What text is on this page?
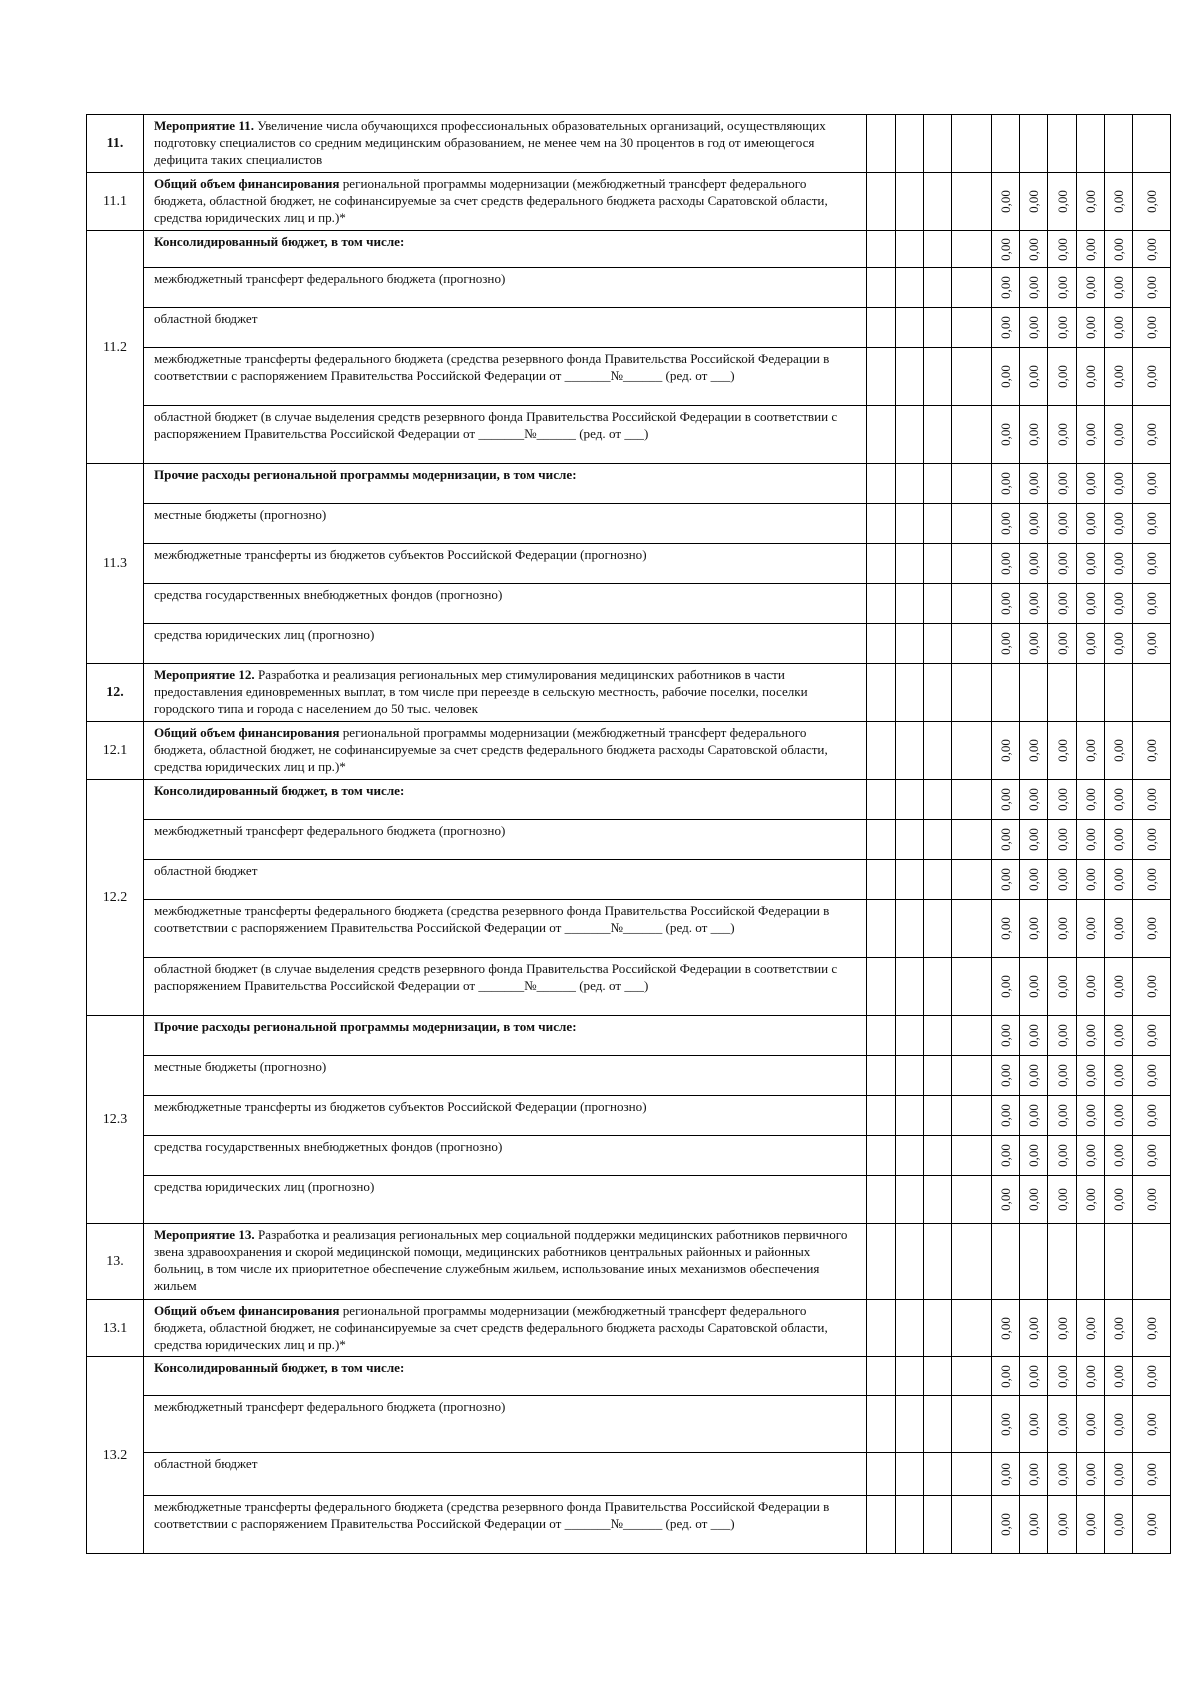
11.	Мероприятие 11. Увеличение числа обучающихся профессиональных образовательных организаций, осуществляющих подготовку специалистов со средним медицинским образованием, не менее чем на 30 процентов в год от имеющегося дефицита таких специалистов										
11.1	Общий объем финансирования региональной программы модернизации (межбюджетный трансферт федерального бюджета, областной бюджет, не софинансируемые за счет средств федерального бюджета расходы Саратовской области, средства юридических лиц и пр.)*					0,00	0,00	0,00	0,00	0,00	0,00
11.2	Консолидированный бюджет, в том числе:					0,00	0,00	0,00	0,00	0,00	0,00
	межбюджетный трансферт федерального бюджета (прогнозно)					0,00	0,00	0,00	0,00	0,00	0,00
	областной бюджет					0,00	0,00	0,00	0,00	0,00	0,00
	межбюджетные трансферты федерального бюджета (средства резервного фонда Правительства Российской Федерации в соответствии с распоряжением Правительства Российской Федерации от _______№______ (ред. от ___)					0,00	0,00	0,00	0,00	0,00	0,00
	областной бюджет (в случае выделения средств резервного фонда Правительства Российской Федерации в соответствии с распоряжением Правительства Российской Федерации от _______№______ (ред. от ___)					0,00	0,00	0,00	0,00	0,00	0,00
11.3	Прочие расходы региональной программы модернизации, в том числе:					0,00	0,00	0,00	0,00	0,00	0,00
	местные бюджеты (прогнозно)					0,00	0,00	0,00	0,00	0,00	0,00
	межбюджетные трансферты из бюджетов субъектов Российской Федерации (прогнозно)					0,00	0,00	0,00	0,00	0,00	0,00
	средства государственных внебюджетных фондов (прогнозно)					0,00	0,00	0,00	0,00	0,00	0,00
	средства юридических лиц (прогнозно)					0,00	0,00	0,00	0,00	0,00	0,00
12.	Мероприятие 12. Разработка и реализация региональных мер стимулирования медицинских работников в части предоставления единовременных выплат, в том числе при переезде в сельскую местность, рабочие поселки, поселки городского типа и города с населением до 50 тыс. человек										
12.1	Общий объем финансирования региональной программы модернизации (межбюджетный трансферт федерального бюджета, областной бюджет, не софинансируемые за счет средств федерального бюджета расходы Саратовской области, средства юридических лиц и пр.)*					0,00	0,00	0,00	0,00	0,00	0,00
12.2	Консолидированный бюджет, в том числе:					0,00	0,00	0,00	0,00	0,00	0,00
	межбюджетный трансферт федерального бюджета (прогнозно)					0,00	0,00	0,00	0,00	0,00	0,00
	областной бюджет					0,00	0,00	0,00	0,00	0,00	0,00
	межбюджетные трансферты федерального бюджета (средства резервного фонда Правительства Российской Федерации в соответствии с распоряжением Правительства Российской Федерации от _______№______ (ред. от ___)					0,00	0,00	0,00	0,00	0,00	0,00
	областной бюджет (в случае выделения средств резервного фонда Правительства Российской Федерации в соответствии с распоряжением Правительства Российской Федерации от _______№______ (ред. от ___)					0,00	0,00	0,00	0,00	0,00	0,00
12.3	Прочие расходы региональной программы модернизации, в том числе:					0,00	0,00	0,00	0,00	0,00	0,00
	местные бюджеты (прогнозно)					0,00	0,00	0,00	0,00	0,00	0,00
	межбюджетные трансферты из бюджетов субъектов Российской Федерации (прогнозно)					0,00	0,00	0,00	0,00	0,00	0,00
	средства государственных внебюджетных фондов (прогнозно)					0,00	0,00	0,00	0,00	0,00	0,00
	средства юридических лиц (прогнозно)					0,00	0,00	0,00	0,00	0,00	0,00
13.	Мероприятие 13. Разработка и реализация региональных мер социальной поддержки медицинских работников первичного звена здравоохранения и скорой медицинской помощи, медицинских работников центральных районных и районных больниц, в том числе их приоритетное обеспечение служебным жильем, использование иных механизмов обеспечения жильем										
13.1	Общий объем финансирования региональной программы модернизации (межбюджетный трансферт федерального бюджета, областной бюджет, не софинансируемые за счет средств федерального бюджета расходы Саратовской области, средства юридических лиц и пр.)*					0,00	0,00	0,00	0,00	0,00	0,00
13.2	Консолидированный бюджет, в том числе:					0,00	0,00	0,00	0,00	0,00	0,00
	межбюджетный трансферт федерального бюджета (прогнозно)					0,00	0,00	0,00	0,00	0,00	0,00
	областной бюджет					0,00	0,00	0,00	0,00	0,00	0,00
	межбюджетные трансферты федерального бюджета (средства резервного фонда Правительства Российской Федерации в соответствии с распоряжением Правительства Российской Федерации от _______№______ (ред. от ___)					0,00	0,00	0,00	0,00	0,00	0,00
